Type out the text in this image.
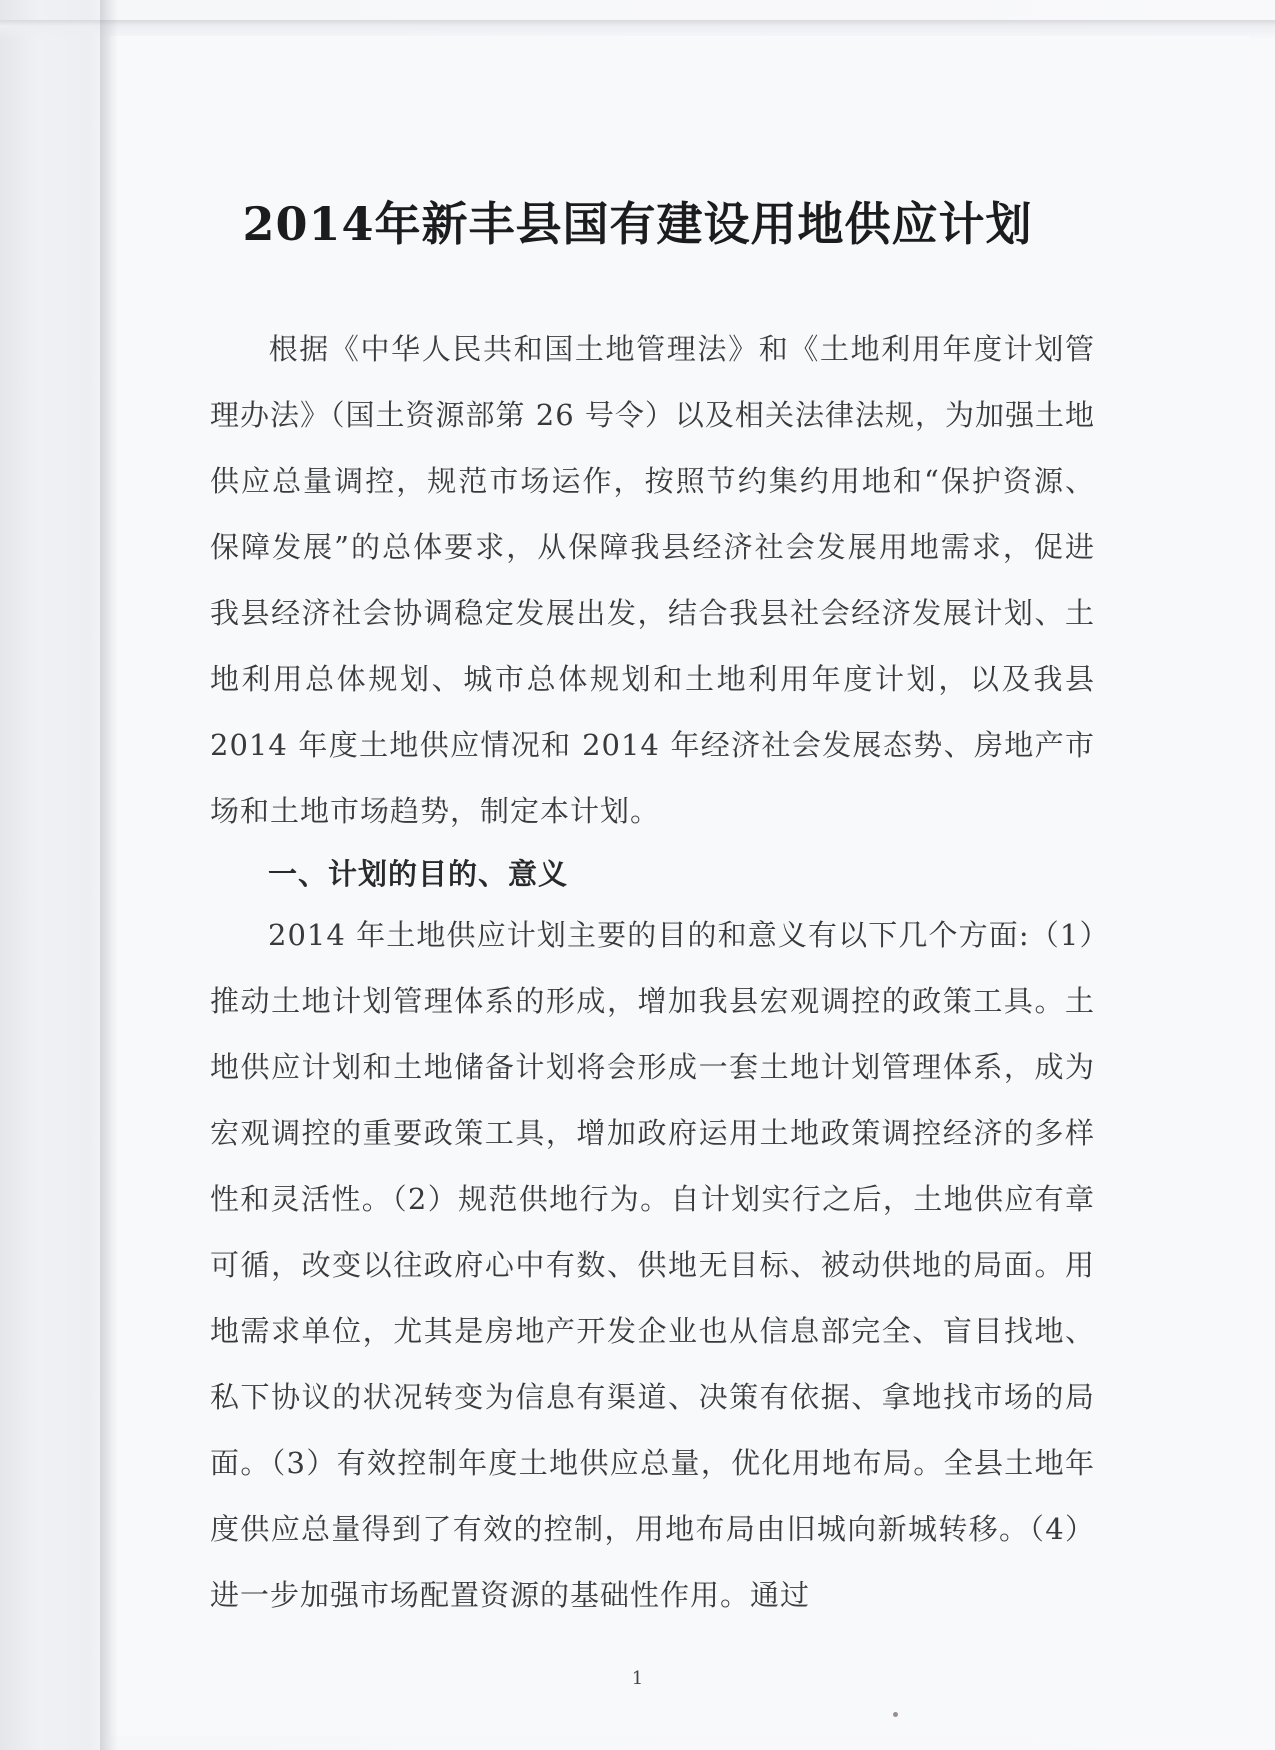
2014年新丰县国有建设用地供应计划
根据《中华人民共和国土地管理法》和《土地利用年度计划管理办法》（国土资源部第 26 号令）以及相关法律法规，为加强土地供应总量调控，规范市场运作，按照节约集约用地和“保护资源、保障发展”的总体要求，从保障我县经济社会发展用地需求，促进我县经济社会协调稳定发展出发，结合我县社会经济发展计划、土地利用总体规划、城市总体规划和土地利用年度计划，以及我县 2014 年度土地供应情况和 2014 年经济社会发展态势、房地产市场和土地市场趋势，制定本计划。
一、计划的目的、意义
2014 年土地供应计划主要的目的和意义有以下几个方面:（1）推动土地计划管理体系的形成，增加我县宏观调控的政策工具。土地供应计划和土地储备计划将会形成一套土地计划管理体系，成为宏观调控的重要政策工具，增加政府运用土地政策调控经济的多样性和灵活性。（2）规范供地行为。自计划实行之后，土地供应有章可循，改变以往政府心中有数、供地无目标、被动供地的局面。用地需求单位，尤其是房地产开发企业也从信息部完全、盲目找地、私下协议的状况转变为信息有渠道、决策有依据、拿地找市场的局面。（3）有效控制年度土地供应总量，优化用地布局。全县土地年度供应总量得到了有效的控制，用地布局由旧城向新城转移。（4）进一步加强市场配置资源的基础性作用。通过
1
